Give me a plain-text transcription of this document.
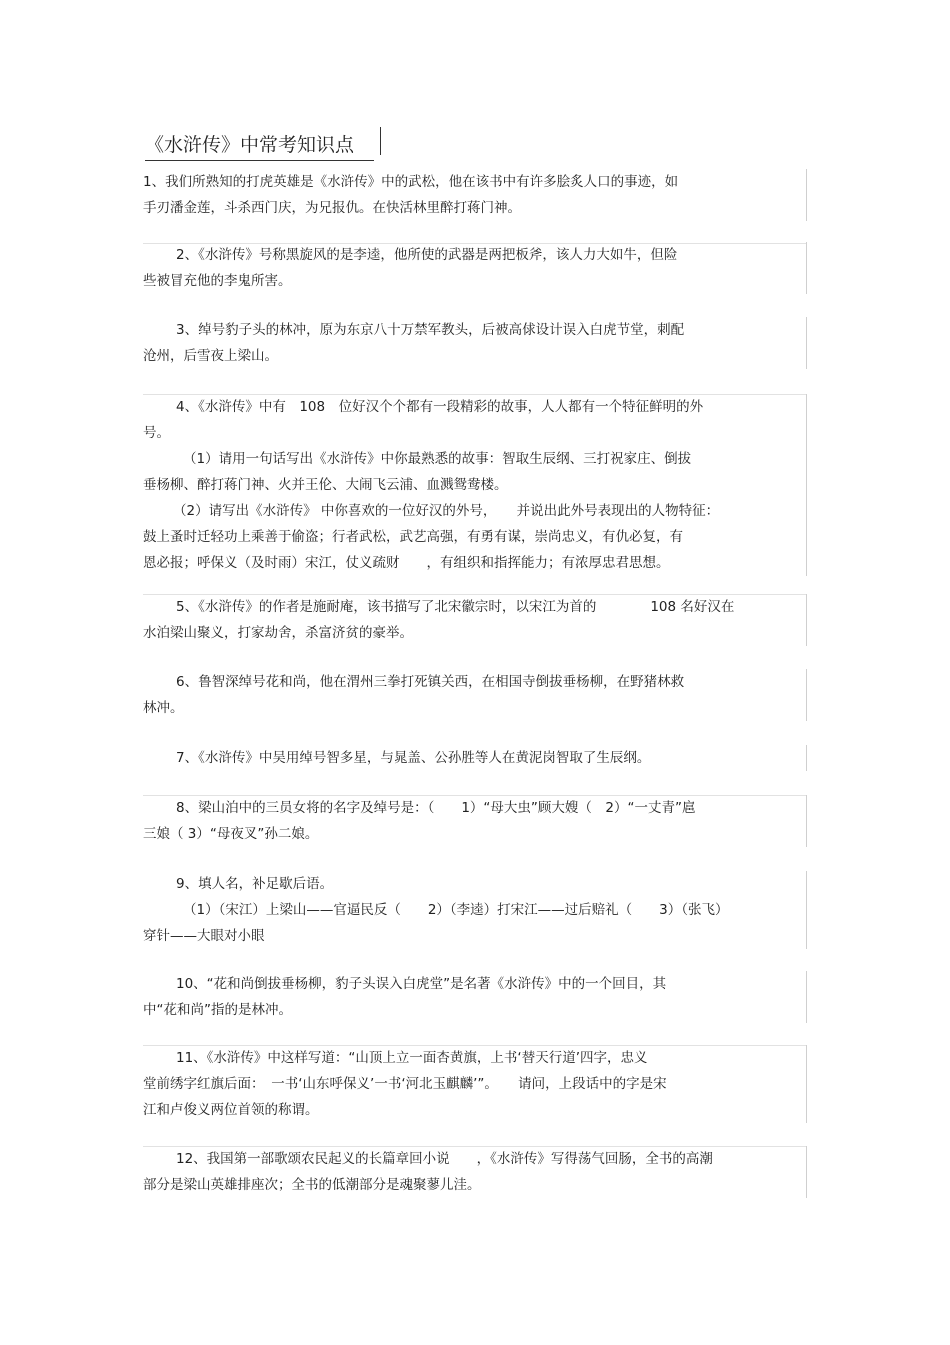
《水浒传》中常考知识点
1、我们所熟知的打虎英雄是《水浒传》中的武松，他在该书中有许多脍炙人口的事迹，如
手刃潘金莲，斗杀西门庆，为兄报仇。在快活林里醉打蒋门神。
2、《水浒传》号称黑旋风的是李逵，他所使的武器是两把板斧，该人力大如牛，但险
些被冒充他的李鬼所害。
3、绰号豹子头的林冲，原为东京八十万禁军教头，后被高俅设计误入白虎节堂，刺配
沧州，后雪夜上梁山。
4、《水浒传》中有　108　位好汉个个都有一段精彩的故事，人人都有一个特征鲜明的外
号。
（1）请用一句话写出《水浒传》中你最熟悉的故事：智取生辰纲、三打祝家庄、倒拔
垂杨柳、醉打蒋门神、火并王伦、大闹飞云浦、血溅鸳鸯楼。
（2）请写出《水浒传》 中你喜欢的一位好汉的外号，　　并说出此外号表现出的人物特征：
鼓上蚤时迁轻功上乘善于偷盗；行者武松，武艺高强，有勇有谋，崇尚忠义，有仇必复，有
恩必报；呼保义（及时雨）宋江，仗义疏财　　，有组织和指挥能力；有浓厚忠君思想。
5、《水浒传》的作者是施耐庵，该书描写了北宋徽宗时，以宋江为首的　　　　108 名好汉在
水泊梁山聚义，打家劫舍，杀富济贫的豪举。
6、鲁智深绰号花和尚，他在渭州三拳打死镇关西，在相国寺倒拔垂杨柳，在野猪林救
林冲。
7、《水浒传》中吴用绰号智多星，与晁盖、公孙胜等人在黄泥岗智取了生辰纲。
8、梁山泊中的三员女将的名字及绰号是：（　　1）“母大虫”顾大嫂（　2）“一丈青”扈
三娘（ 3）“母夜叉”孙二娘。
9、填人名，补足歇后语。
（1）（宋江）上梁山——官逼民反（　　2）（李逵）打宋江——过后赔礼（　　3）（张飞）
穿针——大眼对小眼
10、“花和尚倒拔垂杨柳，豹子头误入白虎堂”是名著《水浒传》中的一个回目，其
中“花和尚”指的是林冲。
11、《水浒传》中这样写道：“山顶上立一面杏黄旗，上书‘替天行道’四字，忠义
堂前绣字红旗后面：　一书‘山东呼保义’一书‘河北玉麒麟’”。　　请问，上段话中的字是宋
江和卢俊义两位首领的称谓。
12、我国第一部歌颂农民起义的长篇章回小说　　，《水浒传》写得荡气回肠，全书的高潮
部分是梁山英雄排座次；全书的低潮部分是魂聚蓼儿洼。
